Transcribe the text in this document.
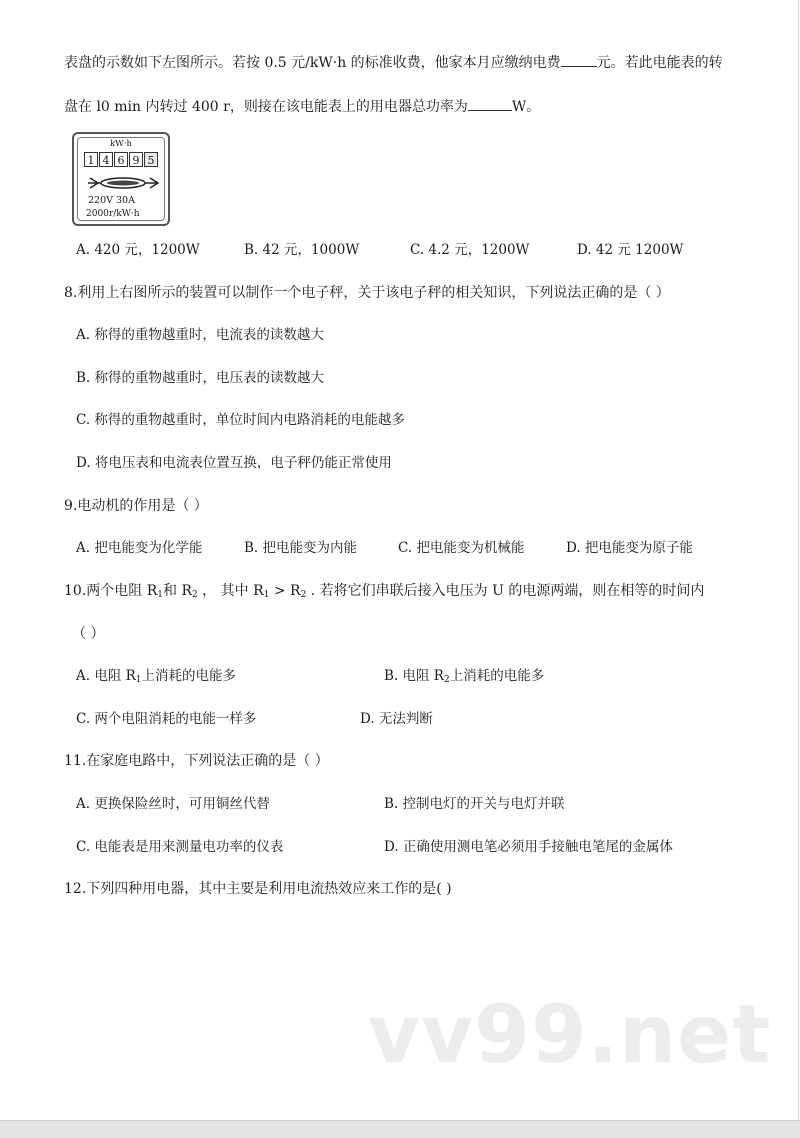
表盘的示数如下左图所示。若按 0.5 元/kW·h 的标准收费，他家本月应缴纳电费	元。若此电能表的转
盘在 l0 min 内转过 400 r，则接在该电能表上的用电器总功率为	W。
kW·h
1 4 6 9 5
220V 30A
2000r/kW·h
A. 420 元，1200W	B. 42 元，1000W	C. 4.2 元，1200W	D. 42 元 1200W
8.利用上右图所示的装置可以制作一个电子秤，关于该电子秤的相关知识，下列说法正确的是（ ）
A. 称得的重物越重时，电流表的读数越大
B. 称得的重物越重时，电压表的读数越大
C. 称得的重物越重时，单位时间内电路消耗的电能越多
D. 将电压表和电流表位置互换，电子秤仍能正常使用
9.电动机的作用是（ ）
A. 把电能变为化学能	B. 把电能变为内能	C. 把电能变为机械能	D. 把电能变为原子能
10.两个电阻 $R_1$和 $R_2$ ， 其中 $R_1 > R_2$ . 若将它们串联后接入电压为 U 的电源两端，则在相等的时间内
（ ）
A. 电阻 $R_1$上消耗的电能多	B. 电阻 $R_2$上消耗的电能多
C. 两个电阻消耗的电能一样多	D. 无法判断
11.在家庭电路中，下列说法正确的是（ ）
A. 更换保险丝时，可用铜丝代替	B. 控制电灯的开关与电灯并联
C. 电能表是用来测量电功率的仪表	D. 正确使用测电笔必须用手接触电笔尾的金属体
12.下列四种用电器，其中主要是利用电流热效应来工作的是( )
vv99.net
